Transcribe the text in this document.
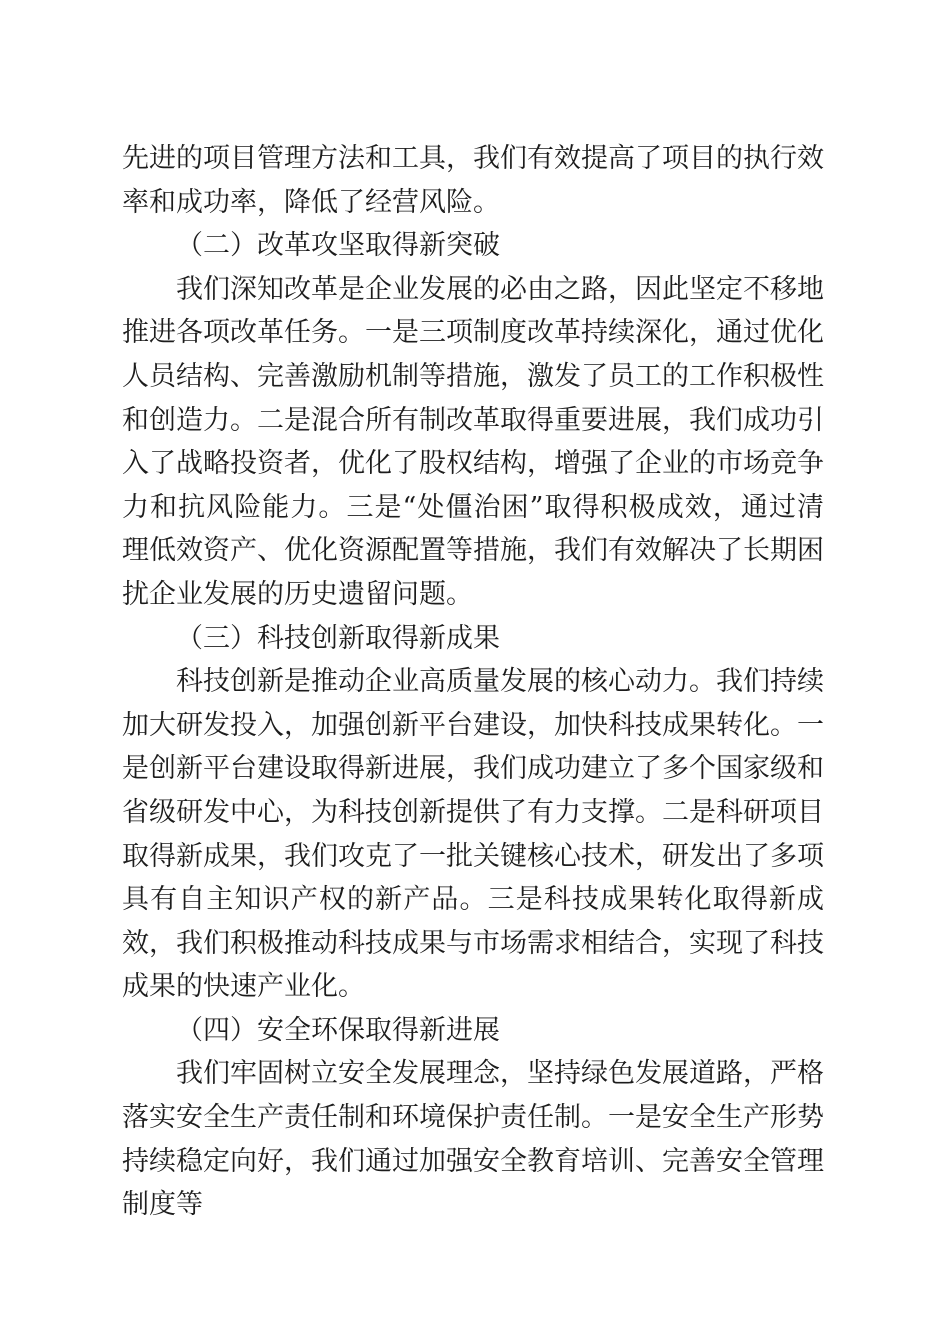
先进的项目管理方法和工具，我们有效提高了项目的执行效率和成功率，降低了经营风险。

（二）改革攻坚取得新突破

我们深知改革是企业发展的必由之路，因此坚定不移地推进各项改革任务。一是三项制度改革持续深化，通过优化人员结构、完善激励机制等措施，激发了员工的工作积极性和创造力。二是混合所有制改革取得重要进展，我们成功引入了战略投资者，优化了股权结构，增强了企业的市场竞争力和抗风险能力。三是“处僵治困”取得积极成效，通过清理低效资产、优化资源配置等措施，我们有效解决了长期困扰企业发展的历史遗留问题。

（三）科技创新取得新成果

科技创新是推动企业高质量发展的核心动力。我们持续加大研发投入，加强创新平台建设，加快科技成果转化。一是创新平台建设取得新进展，我们成功建立了多个国家级和省级研发中心，为科技创新提供了有力支撑。二是科研项目取得新成果，我们攻克了一批关键核心技术，研发出了多项具有自主知识产权的新产品。三是科技成果转化取得新成效，我们积极推动科技成果与市场需求相结合，实现了科技成果的快速产业化。

（四）安全环保取得新进展

我们牢固树立安全发展理念，坚持绿色发展道路，严格落实安全生产责任制和环境保护责任制。一是安全生产形势持续稳定向好，我们通过加强安全教育培训、完善安全管理制度等
